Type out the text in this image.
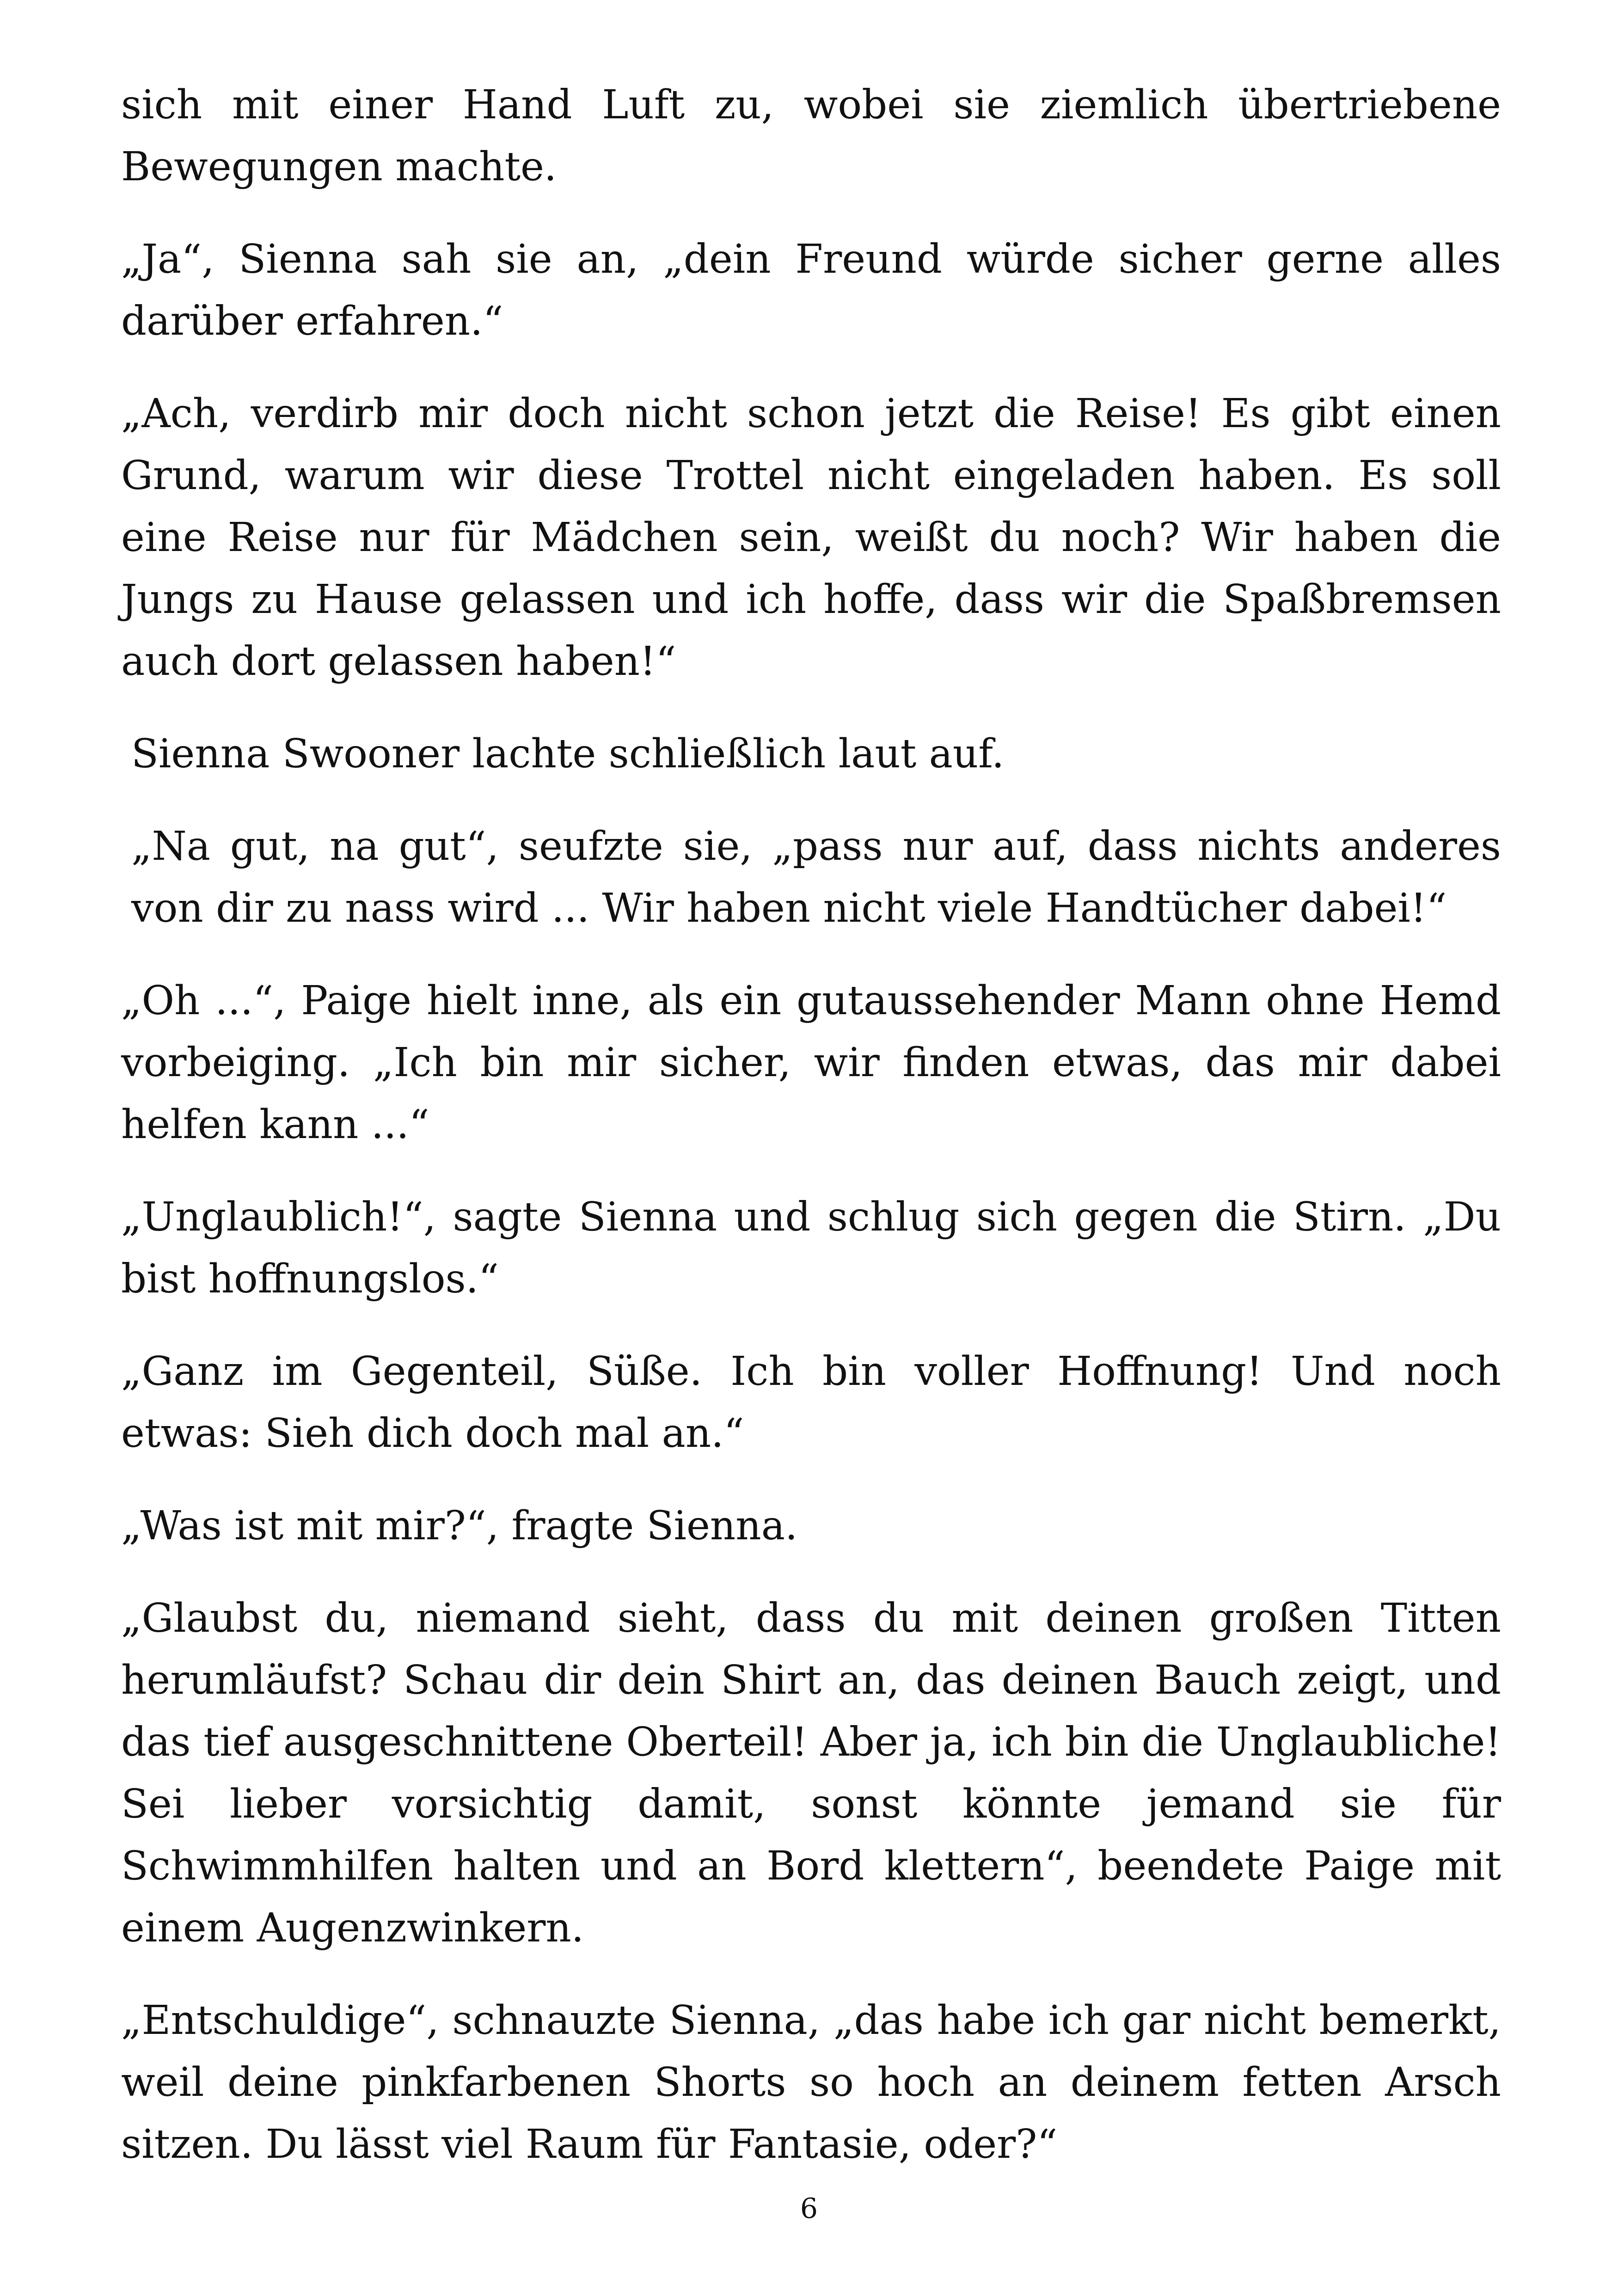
sich mit einer Hand Luft zu, wobei sie ziemlich übertriebene Bewegungen machte.

„Ja“, Sienna sah sie an, „dein Freund würde sicher gerne alles darüber erfahren.“

„Ach, verdirb mir doch nicht schon jetzt die Reise! Es gibt einen Grund, warum wir diese Trottel nicht eingeladen haben. Es soll eine Reise nur für Mädchen sein, weißt du noch? Wir haben die Jungs zu Hause gelassen und ich hoffe, dass wir die Spaßbremsen auch dort gelassen haben!“

Sienna Swooner lachte schließlich laut auf.

„Na gut, na gut“, seufzte sie, „pass nur auf, dass nichts anderes von dir zu nass wird ... Wir haben nicht viele Handtücher dabei!“

„Oh ...“, Paige hielt inne, als ein gutaussehender Mann ohne Hemd vorbeiging. „Ich bin mir sicher, wir finden etwas, das mir dabei helfen kann ...“

„Unglaublich!“, sagte Sienna und schlug sich gegen die Stirn. „Du bist hoffnungslos.“

„Ganz im Gegenteil, Süße. Ich bin voller Hoffnung! Und noch etwas: Sieh dich doch mal an.“

„Was ist mit mir?“, fragte Sienna.

„Glaubst du, niemand sieht, dass du mit deinen großen Titten herumläufst? Schau dir dein Shirt an, das deinen Bauch zeigt, und das tief ausgeschnittene Oberteil! Aber ja, ich bin die Unglaubliche! Sei lieber vorsichtig damit, sonst könnte jemand sie für Schwimmhilfen halten und an Bord klettern“, beendete Paige mit einem Augenzwinkern.

„Entschuldige“, schnauzte Sienna, „das habe ich gar nicht bemerkt, weil deine pinkfarbenen Shorts so hoch an deinem fetten Arsch sitzen. Du lässt viel Raum für Fantasie, oder?“

6
